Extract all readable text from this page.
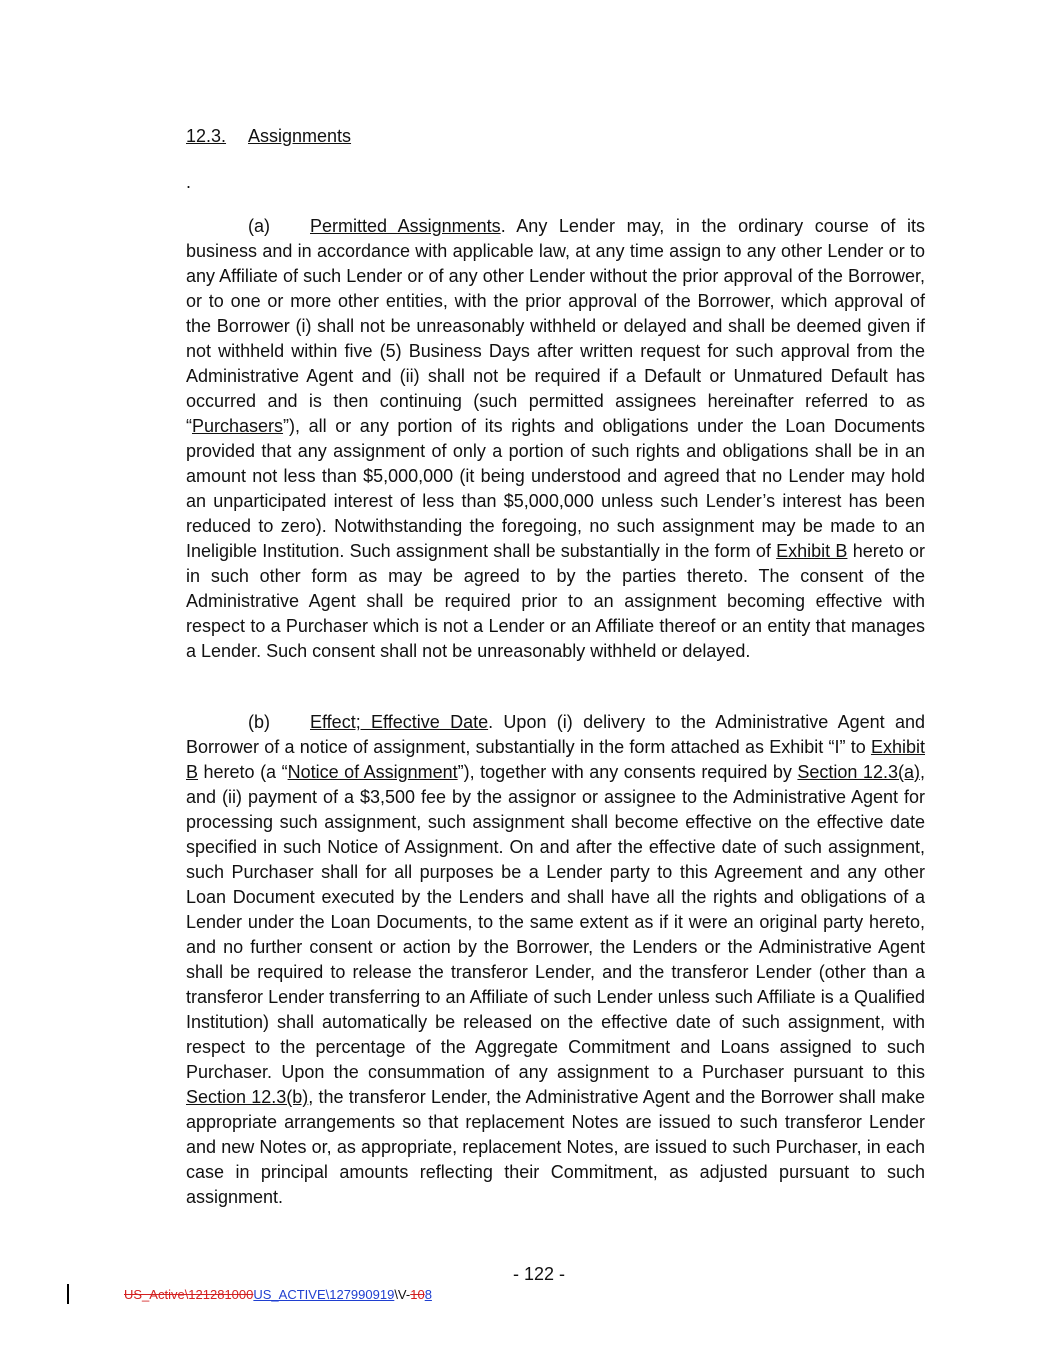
12.3. Assignments
.

(a) Permitted Assignments. Any Lender may, in the ordinary course of its business and in accordance with applicable law, at any time assign to any other Lender or to any Affiliate of such Lender or of any other Lender without the prior approval of the Borrower, or to one or more other entities, with the prior approval of the Borrower, which approval of the Borrower (i) shall not be unreasonably withheld or delayed and shall be deemed given if not withheld within five (5) Business Days after written request for such approval from the Administrative Agent and (ii) shall not be required if a Default or Unmatured Default has occurred and is then continuing (such permitted assignees hereinafter referred to as “Purchasers”), all or any portion of its rights and obligations under the Loan Documents provided that any assignment of only a portion of such rights and obligations shall be in an amount not less than $5,000,000 (it being understood and agreed that no Lender may hold an unparticipated interest of less than $5,000,000 unless such Lender’s interest has been reduced to zero). Notwithstanding the foregoing, no such assignment may be made to an Ineligible Institution. Such assignment shall be substantially in the form of Exhibit B hereto or in such other form as may be agreed to by the parties thereto. The consent of the Administrative Agent shall be required prior to an assignment becoming effective with respect to a Purchaser which is not a Lender or an Affiliate thereof or an entity that manages a Lender. Such consent shall not be unreasonably withheld or delayed.

(b) Effect; Effective Date. Upon (i) delivery to the Administrative Agent and Borrower of a notice of assignment, substantially in the form attached as Exhibit “I” to Exhibit B hereto (a “Notice of Assignment”), together with any consents required by Section 12.3(a), and (ii) payment of a $3,500 fee by the assignor or assignee to the Administrative Agent for processing such assignment, such assignment shall become effective on the effective date specified in such Notice of Assignment. On and after the effective date of such assignment, such Purchaser shall for all purposes be a Lender party to this Agreement and any other Loan Document executed by the Lenders and shall have all the rights and obligations of a Lender under the Loan Documents, to the same extent as if it were an original party hereto, and no further consent or action by the Borrower, the Lenders or the Administrative Agent shall be required to release the transferor Lender, and the transferor Lender (other than a transferor Lender transferring to an Affiliate of such Lender unless such Affiliate is a Qualified Institution) shall automatically be released on the effective date of such assignment, with respect to the percentage of the Aggregate Commitment and Loans assigned to such Purchaser. Upon the consummation of any assignment to a Purchaser pursuant to this Section 12.3(b), the transferor Lender, the Administrative Agent and the Borrower shall make appropriate arrangements so that replacement Notes are issued to such transferor Lender and new Notes or, as appropriate, replacement Notes, are issued to such Purchaser, in each case in principal amounts reflecting their Commitment, as adjusted pursuant to such assignment.

- 122 -
US_Active\121281000US_ACTIVE\127990919\V-108
